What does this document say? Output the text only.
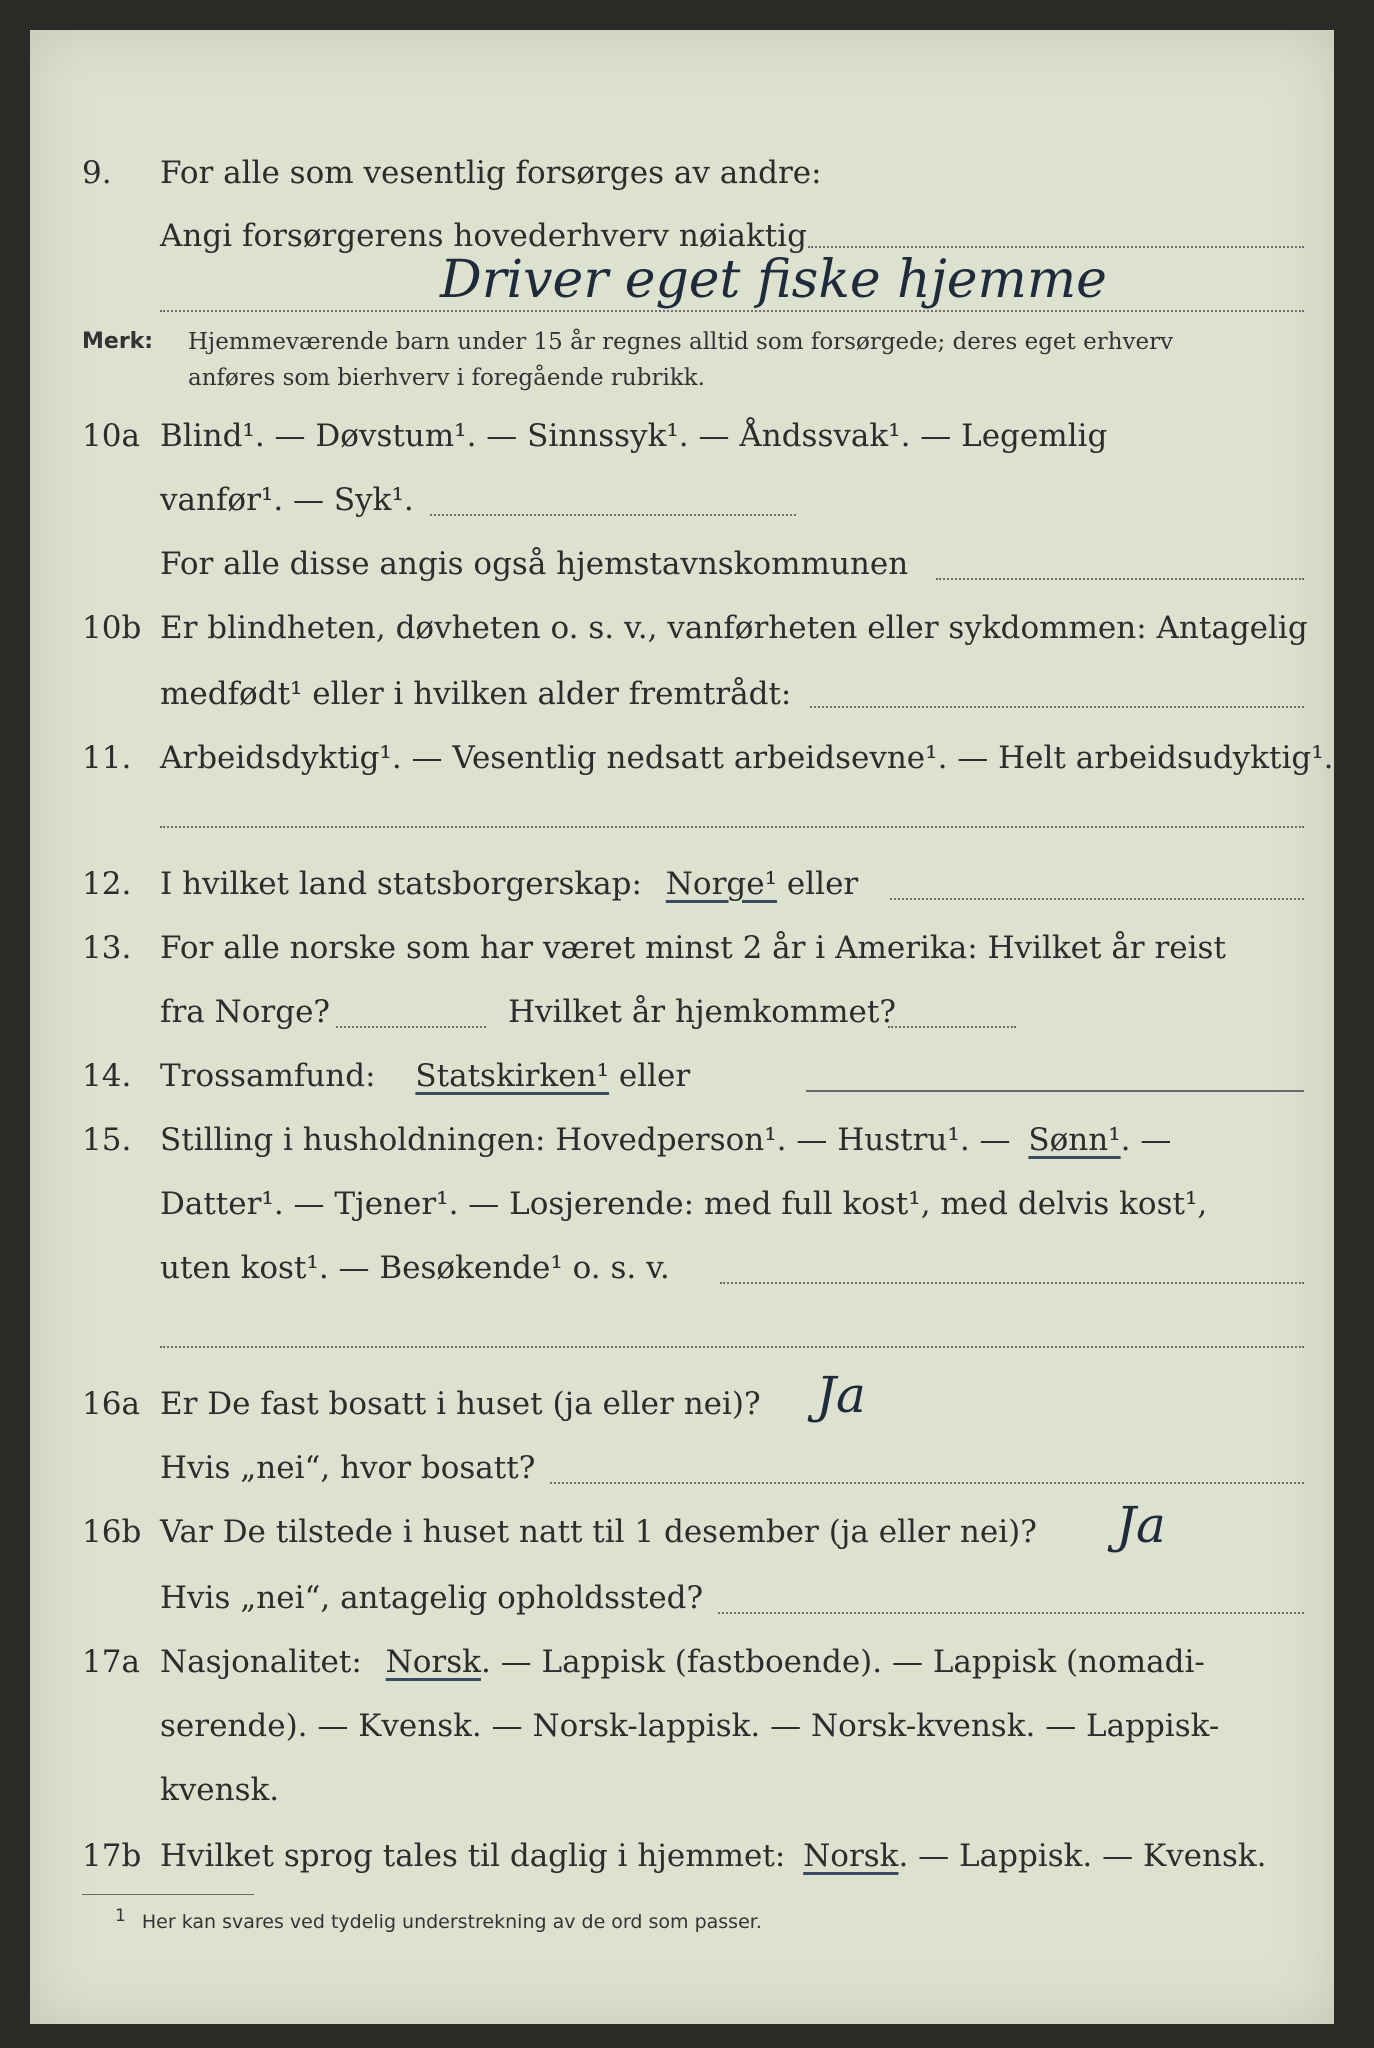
9. For alle som vesentlig forsørges av andre:
Angi forsørgerens hovederhverv nøiaktig
Driver eget fiske hjemme
Merk: Hjemmeværende barn under 15 år regnes alltid som forsørgede; deres eget erhverv
anføres som bierhverv i foregående rubrikk.
10a Blind¹. — Døvstum¹. — Sinnssyk¹. — Åndssvak¹. — Legemlig
vanfør¹. — Syk¹.
For alle disse angis også hjemstavnskommunen
10b Er blindheten, døvheten o. s. v., vanførheten eller sykdommen: Antagelig
medfødt¹ eller i hvilken alder fremtrådt:
11. Arbeidsdyktig¹. — Vesentlig nedsatt arbeidsevne¹. — Helt arbeidsudyktig¹.
12. I hvilket land statsborgerskap: Norge¹ eller
13. For alle norske som har været minst 2 år i Amerika: Hvilket år reist
fra Norge?	Hvilket år hjemkommet?
14. Trossamfund: Statskirken¹ eller
15. Stilling i husholdningen: Hovedperson¹. — Hustru¹. — Sønn¹. —
Datter¹. — Tjener¹. — Losjerende: med full kost¹, med delvis kost¹,
uten kost¹. — Besøkende¹ o. s. v.
16a Er De fast bosatt i huset (ja eller nei)? Ja
Hvis „nei“, hvor bosatt?
16b Var De tilstede i huset natt til 1 desember (ja eller nei)? Ja
Hvis „nei“, antagelig opholdssted?
17a Nasjonalitet: Norsk. — Lappisk (fastboende). — Lappisk (nomadi-
serende). — Kvensk. — Norsk-lappisk. — Norsk-kvensk. — Lappisk-
kvensk.
17b Hvilket sprog tales til daglig i hjemmet: Norsk. — Lappisk. — Kvensk.
1 Her kan svares ved tydelig understrekning av de ord som passer.
